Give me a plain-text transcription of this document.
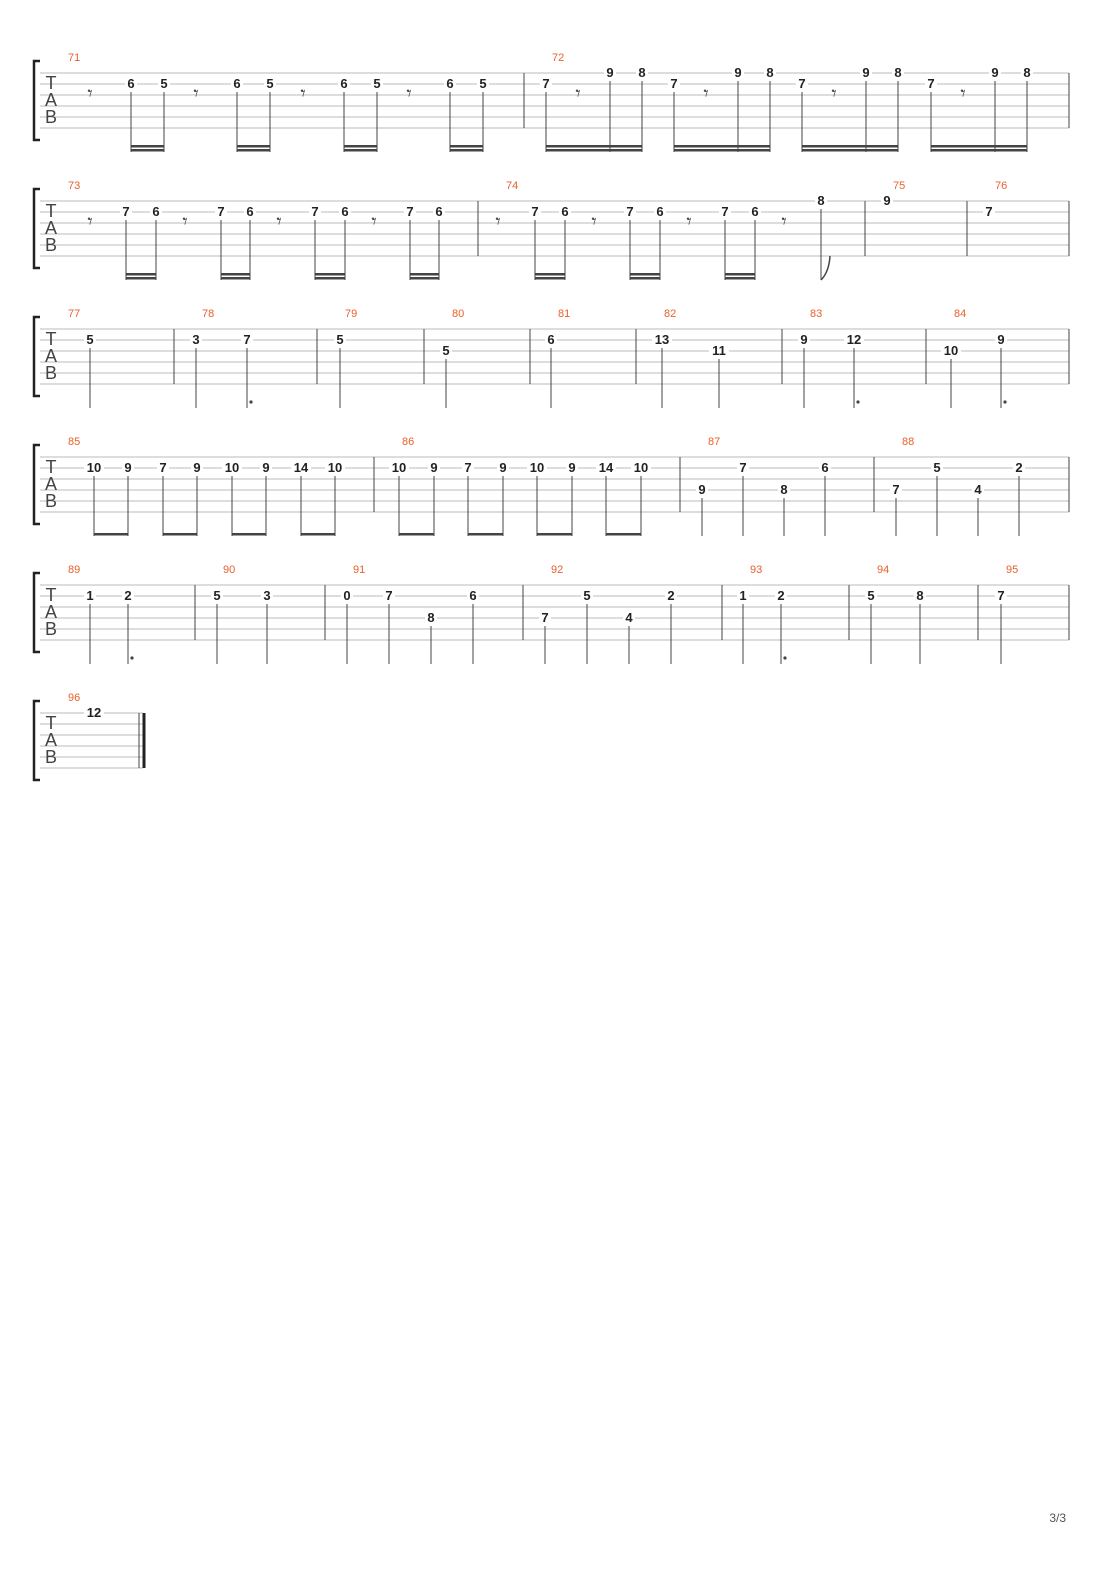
T
A
B
71
𝄾	6 5 𝄾	6 5 𝄾	6 5 𝄾	6 5
72
7 𝄾
9 8
7 𝄾
9 8
7 𝄾
9 8
7 𝄾
9 8
T
A
B
73
𝄾 7 6 𝄾 7 6 𝄾 7 6 𝄾 7 6
74
𝄾 7 6 𝄾 7 6 𝄾 7 6 𝄾
8
75
9
76
7
T
A
B
77
5
78
3	7
79
5
80
5
81
6
82
13
11
83
9	12
84
10
9
T
A
B
85
10 9 7 9 10 9 14 10
86
10 9 7 9 10 9 14 10
87
9
7
8
6
88
7
5
4
2
T
A
B
89
1 2
90
5	3
91
0	7
8
6
92
7
5
4
2
93
1 2
94
5	8
95
7
T
A
B
96
12
3/3
